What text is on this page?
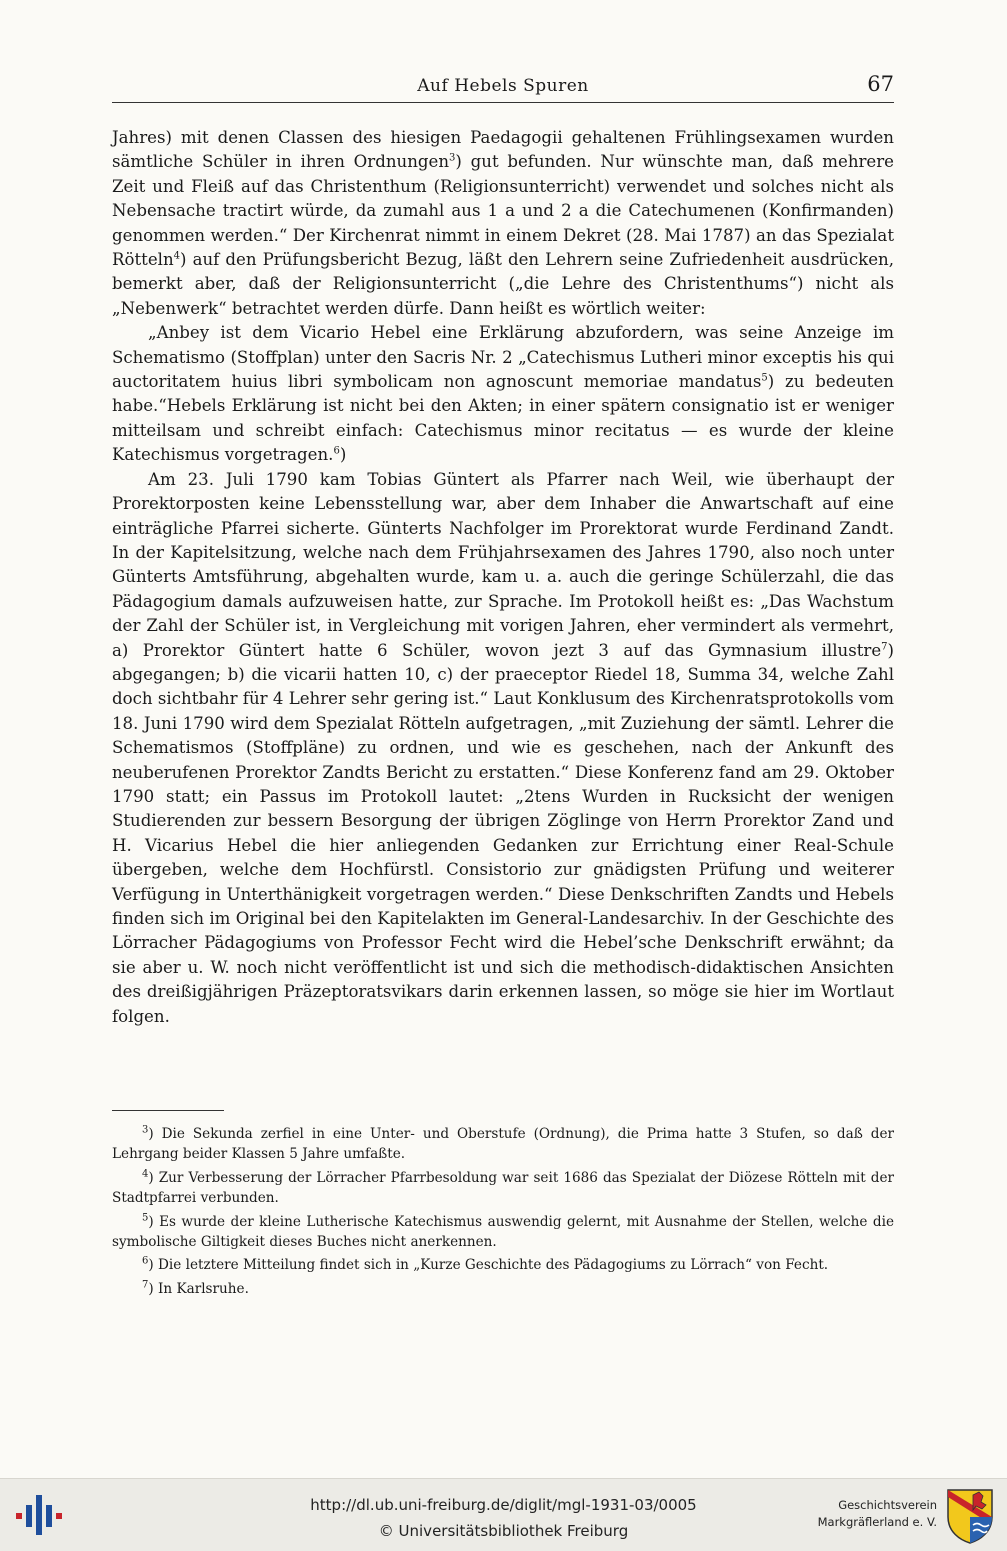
Auf Hebels Spuren	67

Jahres) mit denen Classen des hiesigen Paedagogii gehaltenen Frühlingsexamen wurden sämtliche Schüler in ihren Ordnungen$^3$) gut befunden. Nur wünschte man, daß mehrere Zeit und Fleiß auf das Christenthum (Religionsunterricht) verwendet und solches nicht als Nebensache tractirt würde, da zumahl aus 1 a und 2 a die Catechumenen (Konfirmanden) genommen werden.“ Der Kirchenrat nimmt in einem Dekret (28. Mai 1787) an das Spezialat Rötteln$^4$) auf den Prüfungsbericht Bezug, läßt den Lehrern seine Zufriedenheit ausdrücken, bemerkt aber, daß der Religionsunterricht („die Lehre des Christenthums“) nicht als „Nebenwerk“ betrachtet werden dürfe. Dann heißt es wörtlich weiter:

„Anbey ist dem Vicario Hebel eine Erklärung abzufordern, was seine Anzeige im Schematismo (Stoffplan) unter den Sacris Nr. 2 „Catechismus Lutheri minor exceptis his qui auctoritatem huius libri symbolicam non agnoscunt memoriae mandatus$^5$) zu bedeuten habe.“Hebels Erklärung ist nicht bei den Akten; in einer spätern consignatio ist er weniger mitteilsam und schreibt einfach: Catechismus minor recitatus — es wurde der kleine Katechismus vorgetragen.$^6$)

Am 23. Juli 1790 kam Tobias Güntert als Pfarrer nach Weil, wie überhaupt der Prorektorposten keine Lebensstellung war, aber dem Inhaber die Anwartschaft auf eine einträgliche Pfarrei sicherte. Günterts Nachfolger im Prorektorat wurde Ferdinand Zandt. In der Kapitelsitzung, welche nach dem Frühjahrsexamen des Jahres 1790, also noch unter Günterts Amtsführung, abgehalten wurde, kam u. a. auch die geringe Schülerzahl, die das Pädagogium damals aufzuweisen hatte, zur Sprache. Im Protokoll heißt es: „Das Wachstum der Zahl der Schüler ist, in Vergleichung mit vorigen Jahren, eher vermindert als vermehrt, a) Prorektor Güntert hatte 6 Schüler, wovon jezt 3 auf das Gymnasium illustre$^7$) abgegangen; b) die vicarii hatten 10, c) der praeceptor Riedel 18, Summa 34, welche Zahl doch sichtbahr für 4 Lehrer sehr gering ist.“ Laut Konklusum des Kirchenratsprotokolls vom 18. Juni 1790 wird dem Spezialat Rötteln aufgetragen, „mit Zuziehung der sämtl. Lehrer die Schematismos (Stoffpläne) zu ordnen, und wie es geschehen, nach der Ankunft des neuberufenen Prorektor Zandts Bericht zu erstatten.“ Diese Konferenz fand am 29. Oktober 1790 statt; ein Passus im Protokoll lautet: „2tens Wurden in Rucksicht der wenigen Studierenden zur bessern Besorgung der übrigen Zöglinge von Herrn Prorektor Zand und H. Vicarius Hebel die hier anliegenden Gedanken zur Errichtung einer Real-Schule übergeben, welche dem Hochfürstl. Consistorio zur gnädigsten Prüfung und weiterer Verfügung in Unterthänigkeit vorgetragen werden.“ Diese Denkschriften Zandts und Hebels finden sich im Original bei den Kapitelakten im General-Landesarchiv. In der Geschichte des Lörracher Pädagogiums von Professor Fecht wird die Hebel’sche Denkschrift erwähnt; da sie aber u. W. noch nicht veröffentlicht ist und sich die methodisch-didaktischen Ansichten des dreißigjährigen Präzeptoratsvikars darin erkennen lassen, so möge sie hier im Wortlaut folgen.

$^3$) Die Sekunda zerfiel in eine Unter- und Oberstufe (Ordnung), die Prima hatte 3 Stufen, so daß der Lehrgang beider Klassen 5 Jahre umfaßte.

$^4$) Zur Verbesserung der Lörracher Pfarrbesoldung war seit 1686 das Spezialat der Diözese Rötteln mit der Stadtpfarrei verbunden.

$^5$) Es wurde der kleine Lutherische Katechismus auswendig gelernt, mit Ausnahme der Stellen, welche die symbolische Giltigkeit dieses Buches nicht anerkennen.

$^6$) Die letztere Mitteilung findet sich in „Kurze Geschichte des Pädagogiums zu Lörrach“ von Fecht.

$^7$) In Karlsruhe.

http://dl.ub.uni-freiburg.de/diglit/mgl-1931-03/0005
© Universitätsbibliothek Freiburg
Geschichtsverein
Markgräflerland e. V.
